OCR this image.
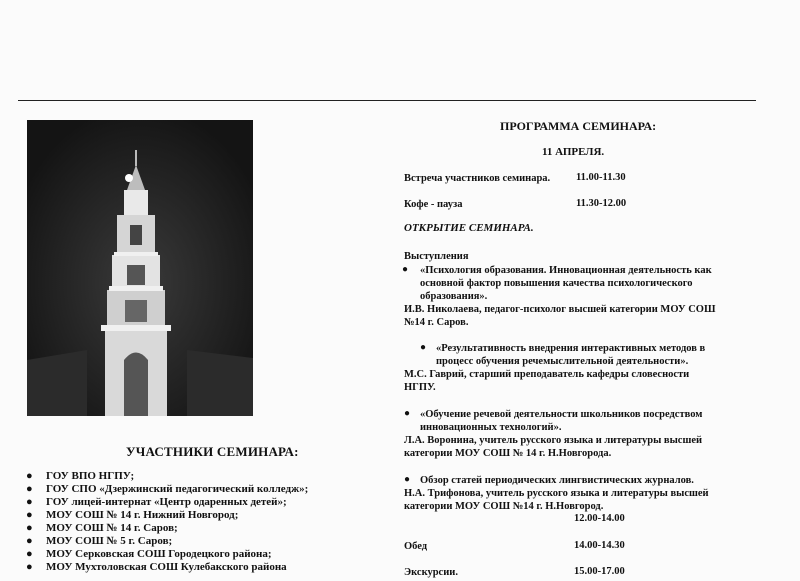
УЧАСТНИКИ СЕМИНАРА:
● ГОУ ВПО НГПУ;
● ГОУ СПО «Дзержинский педагогический колледж»;
● ГОУ лицей-интернат «Центр одаренных детей»;
● МОУ СОШ № 14 г. Нижний Новгород;
● МОУ СОШ № 14 г. Саров;
● МОУ СОШ № 5 г. Саров;
● МОУ Серковская СОШ Городецкого района;
● МОУ Мухтоловская СОШ Кулебакского района
ПРОГРАММА СЕМИНАРА:
11 АПРЕЛЯ.
Встреча участников семинара. 11.00-11.30
Кофе - пауза	11.30-12.00
ОТКРЫТИЕ СЕМИНАРА.
Выступления
● «Психология образования. Инновационная деятельность как
основной фактор повышения качества психологического
образования».
И.В. Николаева, педагог-психолог высшей категории МОУ СОШ
№14 г. Саров.
● «Результативность внедрения интерактивных методов в
процесс обучения речемыслительной деятельности».
М.С. Гаврий, старший преподаватель кафедры словесности
НГПУ.
● «Обучение речевой деятельности школьников посредством
инновационных технологий».
Л.А. Воронина, учитель русского языка и литературы высшей
категории МОУ СОШ № 14 г. Н.Новгорода.
● Обзор статей периодических лингвистических журналов.
Н.А. Трифонова, учитель русского языка и литературы высшей
категории МОУ СОШ №14 г. Н.Новгород.
12.00-14.00
Обед	14.00-14.30
Экскурсии.	15.00-17.00
